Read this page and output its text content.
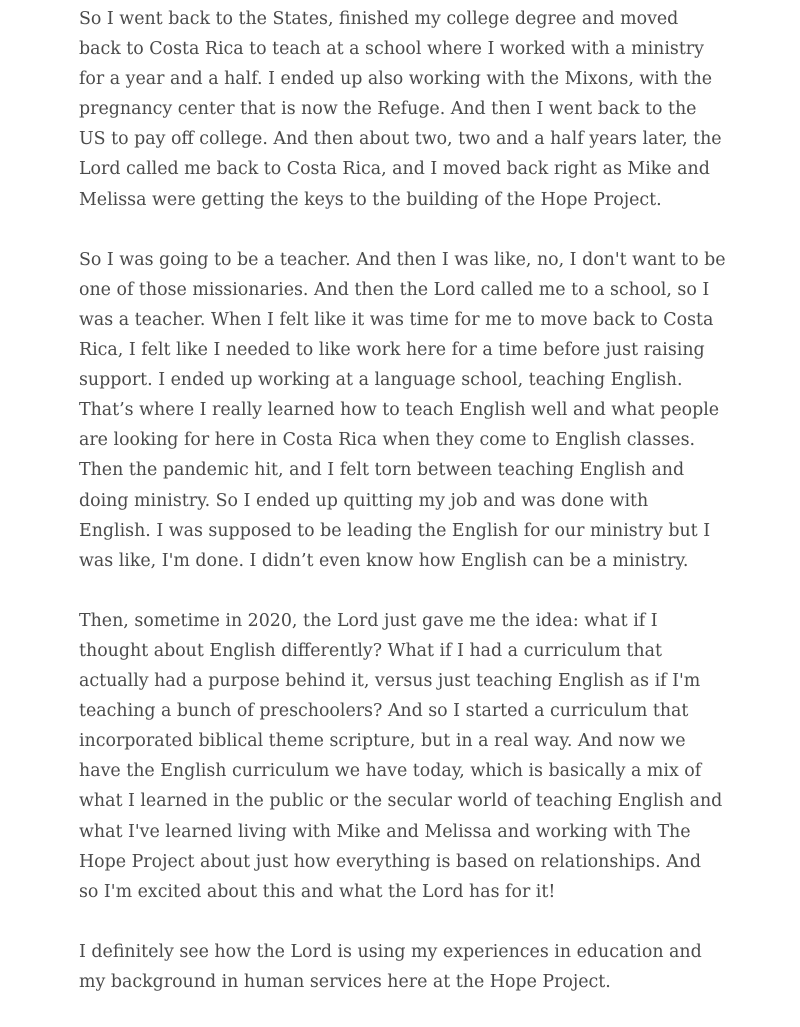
So I went back to the States, finished my college degree and moved
back to Costa Rica to teach at a school where I worked with a ministry
for a year and a half. I ended up also working with the Mixons, with the
pregnancy center that is now the Refuge. And then I went back to the
US to pay off college. And then about two, two and a half years later, the
Lord called me back to Costa Rica, and I moved back right as Mike and
Melissa were getting the keys to the building of the Hope Project.

So I was going to be a teacher. And then I was like, no, I don't want to be
one of those missionaries. And then the Lord called me to a school, so I
was a teacher. When I felt like it was time for me to move back to Costa
Rica, I felt like I needed to like work here for a time before just raising
support. I ended up working at a language school, teaching English.
That’s where I really learned how to teach English well and what people
are looking for here in Costa Rica when they come to English classes.
Then the pandemic hit, and I felt torn between teaching English and
doing ministry. So I ended up quitting my job and was done with
English. I was supposed to be leading the English for our ministry but I
was like, I'm done. I didn’t even know how English can be a ministry.

Then, sometime in 2020, the Lord just gave me the idea: what if I
thought about English differently? What if I had a curriculum that
actually had a purpose behind it, versus just teaching English as if I'm
teaching a bunch of preschoolers? And so I started a curriculum that
incorporated biblical theme scripture, but in a real way. And now we
have the English curriculum we have today, which is basically a mix of
what I learned in the public or the secular world of teaching English and
what I've learned living with Mike and Melissa and working with The
Hope Project about just how everything is based on relationships. And
so I'm excited about this and what the Lord has for it!

I definitely see how the Lord is using my experiences in education and
my background in human services here at the Hope Project.
